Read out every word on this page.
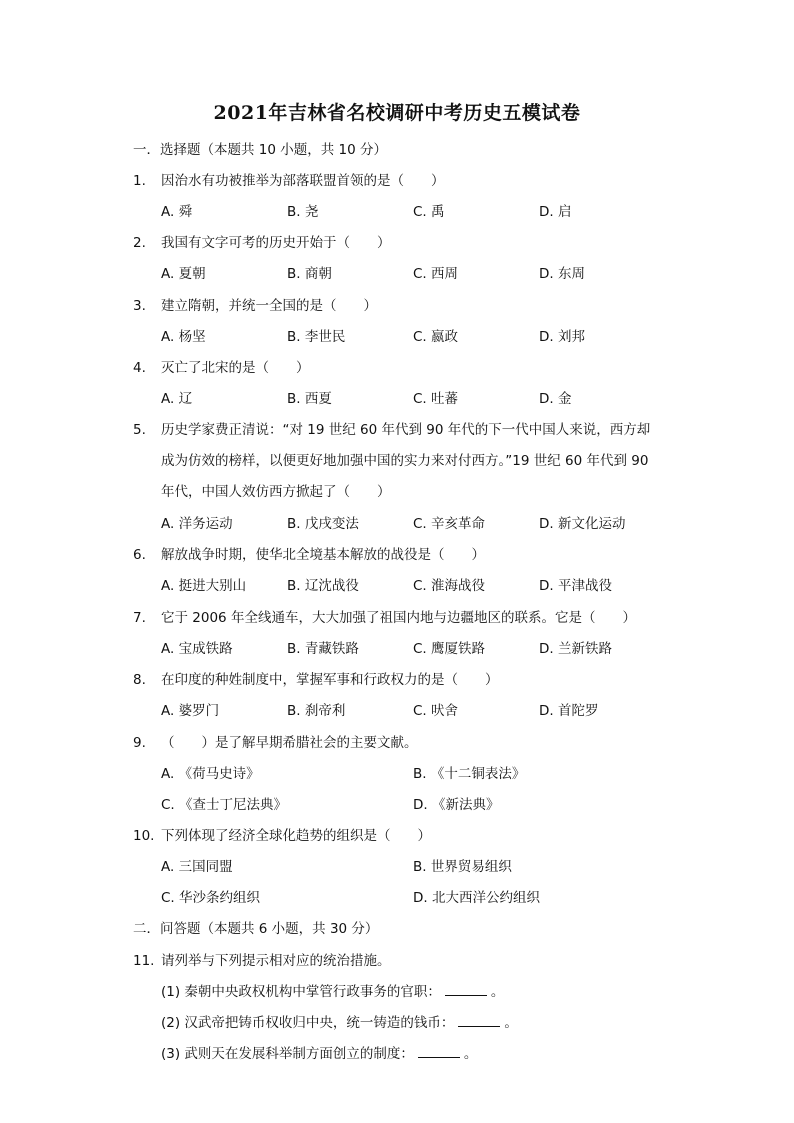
2021年吉林省名校调研中考历史五模试卷
一．选择题（本题共 10 小题，共 10 分）
1. 因治水有功被推举为部落联盟首领的是（　　）
A. 舜	B. 尧	C. 禹	D. 启
2. 我国有文字可考的历史开始于（　　）
A. 夏朝	B. 商朝	C. 西周	D. 东周
3. 建立隋朝，并统一全国的是（　　）
A. 杨坚	B. 李世民	C. 嬴政	D. 刘邦
4. 灭亡了北宋的是（　　）
A. 辽	B. 西夏	C. 吐蕃	D. 金
5. 历史学家费正清说：“对 19 世纪 60 年代到 90 年代的下一代中国人来说，西方却
成为仿效的榜样，以便更好地加强中国的实力来对付西方。”19 世纪 60 年代到 90
年代，中国人效仿西方掀起了（　　）
A. 洋务运动	B. 戊戌变法	C. 辛亥革命	D. 新文化运动
6. 解放战争时期，使华北全境基本解放的战役是（　　）
A. 挺进大别山	B. 辽沈战役	C. 淮海战役	D. 平津战役
7. 它于 2006 年全线通车，大大加强了祖国内地与边疆地区的联系。它是（　　）
A. 宝成铁路	B. 青藏铁路	C. 鹰厦铁路	D. 兰新铁路
8. 在印度的种姓制度中，掌握军事和行政权力的是（　　）
A. 婆罗门	B. 刹帝利	C. 吠舍	D. 首陀罗
9. （　　）是了解早期希腊社会的主要文献。
A. 《荷马史诗》	B. 《十二铜表法》
C. 《查士丁尼法典》	D. 《新法典》
10. 下列体现了经济全球化趋势的组织是（　　）
A. 三国同盟	B. 世界贸易组织
C. 华沙条约组织	D. 北大西洋公约组织
二．问答题（本题共 6 小题，共 30 分）
11. 请列举与下列提示相对应的统治措施。
(1) 秦朝中央政权机构中掌管行政事务的官职：	。
(2) 汉武帝把铸币权收归中央，统一铸造的钱币：	。
(3) 武则天在发展科举制方面创立的制度：	。
